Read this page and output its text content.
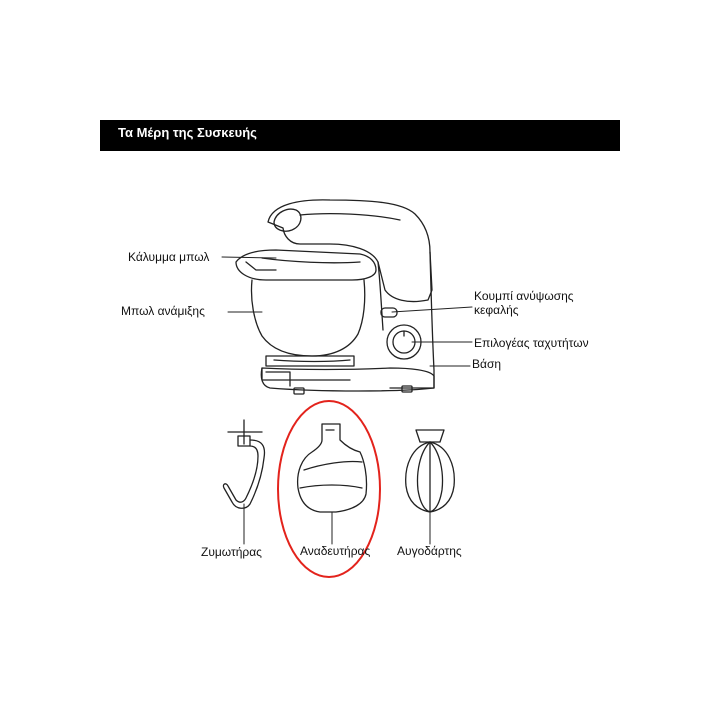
Τα Μέρη της Συσκευής
Κάλυμμα μπωλ
Μπωλ ανάμιξης
Κουμπί ανύψωσης
κεφαλής
Επιλογέας ταχυτήτων
Βάση
Ζυμωτήρας	Αναδευτήρας Αυγοδάρτης
